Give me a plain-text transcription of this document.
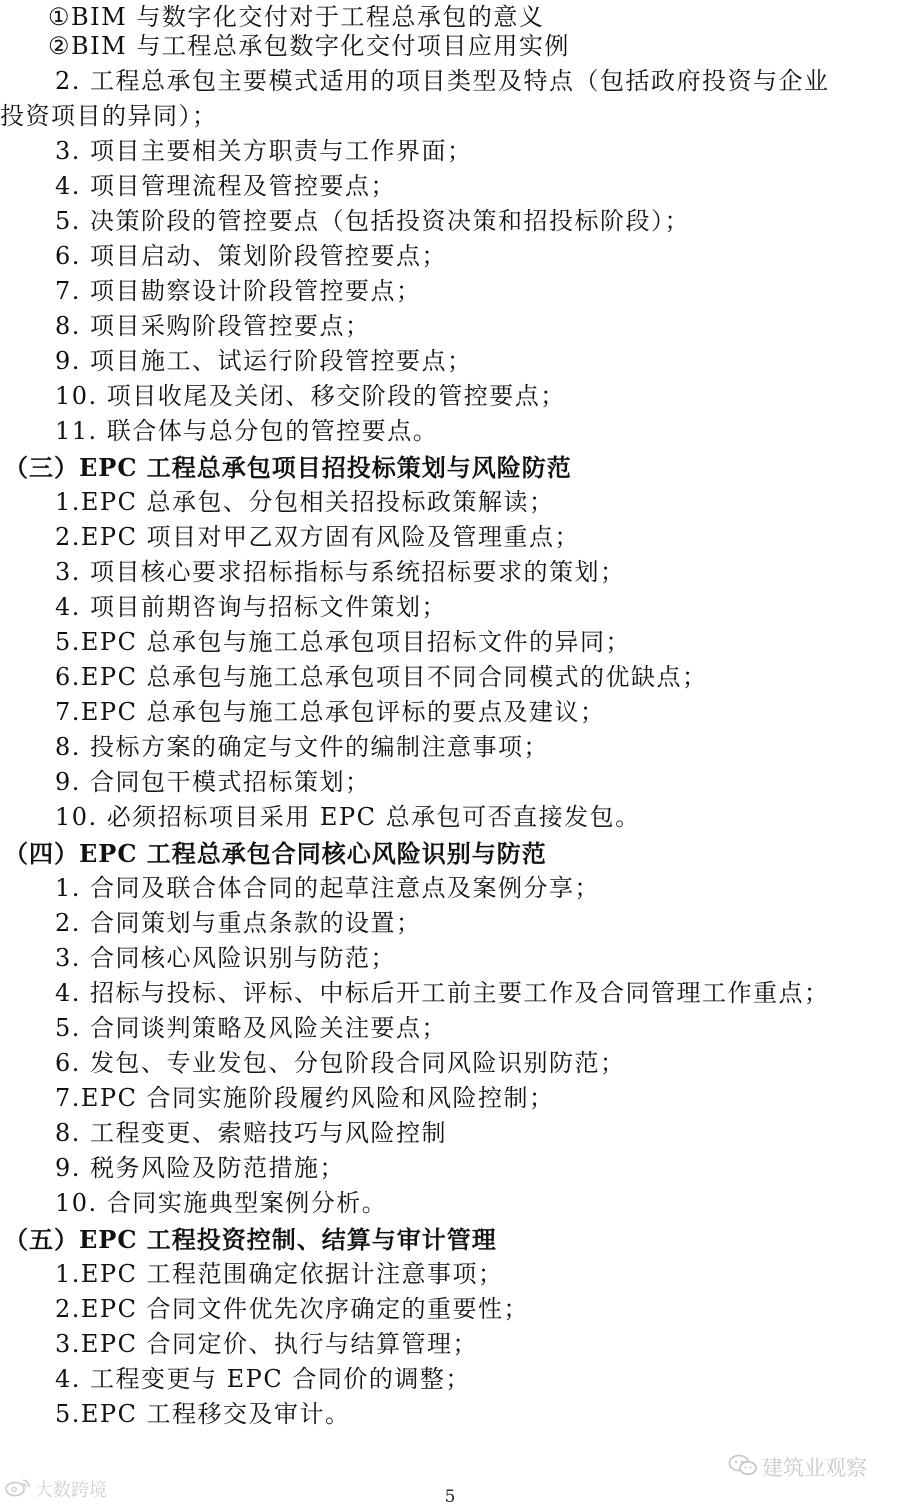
①BIM 与数字化交付对于工程总承包的意义
②BIM 与工程总承包数字化交付项目应用实例
2. 工程总承包主要模式适用的项目类型及特点（包括政府投资与企业
投资项目的异同）；
3. 项目主要相关方职责与工作界面；
4. 项目管理流程及管控要点；
5. 决策阶段的管控要点（包括投资决策和招投标阶段）；
6. 项目启动、策划阶段管控要点；
7. 项目勘察设计阶段管控要点；
8. 项目采购阶段管控要点；
9. 项目施工、试运行阶段管控要点；
10. 项目收尾及关闭、移交阶段的管控要点；
11. 联合体与总分包的管控要点。
（三）EPC 工程总承包项目招投标策划与风险防范
1.EPC 总承包、分包相关招投标政策解读；
2.EPC 项目对甲乙双方固有风险及管理重点；
3. 项目核心要求招标指标与系统招标要求的策划；
4. 项目前期咨询与招标文件策划；
5.EPC 总承包与施工总承包项目招标文件的异同；
6.EPC 总承包与施工总承包项目不同合同模式的优缺点；
7.EPC 总承包与施工总承包评标的要点及建议；
8. 投标方案的确定与文件的编制注意事项；
9. 合同包干模式招标策划；
10. 必须招标项目采用 EPC 总承包可否直接发包。
（四）EPC 工程总承包合同核心风险识别与防范
1. 合同及联合体合同的起草注意点及案例分享；
2. 合同策划与重点条款的设置；
3. 合同核心风险识别与防范；
4. 招标与投标、评标、中标后开工前主要工作及合同管理工作重点；
5. 合同谈判策略及风险关注要点；
6. 发包、专业发包、分包阶段合同风险识别防范；
7.EPC 合同实施阶段履约风险和风险控制；
8. 工程变更、索赔技巧与风险控制
9. 税务风险及防范措施；
10. 合同实施典型案例分析。
（五）EPC 工程投资控制、结算与审计管理
1.EPC 工程范围确定依据计注意事项；
2.EPC 合同文件优先次序确定的重要性；
3.EPC 合同定价、执行与结算管理；
4. 工程变更与 EPC 合同价的调整；
5.EPC 工程移交及审计。
建筑业观察
大数跨境	5
